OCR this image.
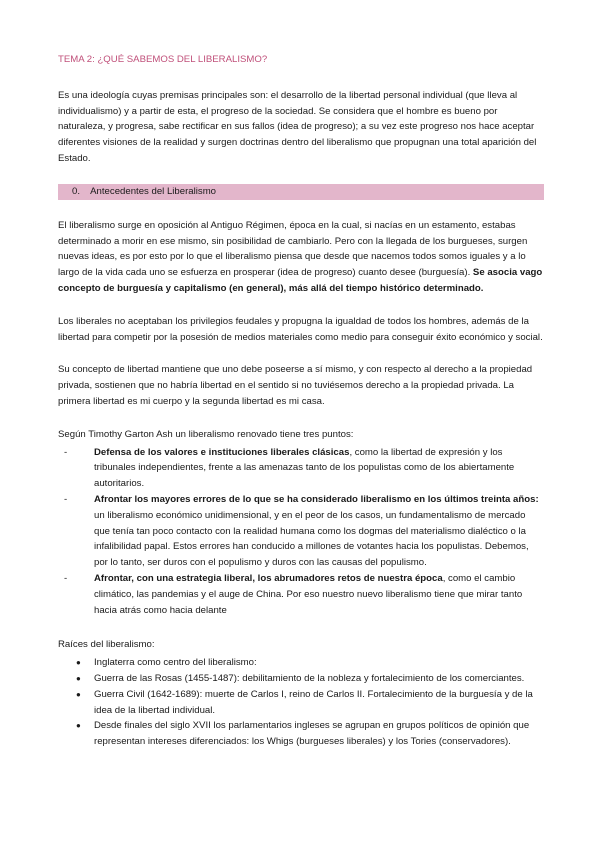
TEMA 2: ¿QUÉ SABEMOS DEL LIBERALISMO?

Es una ideología cuyas premisas principales son: el desarrollo de la libertad personal individual (que lleva al individualismo) y a partir de esta, el progreso de la sociedad. Se considera que el hombre es bueno por naturaleza, y progresa, sabe rectificar en sus fallos (idea de progreso); a su vez este progreso nos hace aceptar diferentes visiones de la realidad y surgen doctrinas dentro del liberalismo que propugnan una total aparición del Estado.

0. Antecedentes del Liberalismo

El liberalismo surge en oposición al Antiguo Régimen, época en la cual, si nacías en un estamento, estabas determinado a morir en ese mismo, sin posibilidad de cambiarlo. Pero con la llegada de los burgueses, surgen nuevas ideas, es por esto por lo que el liberalismo piensa que desde que nacemos todos somos iguales y a lo largo de la vida cada uno se esfuerza en prosperar (idea de progreso) cuanto desee (burguesía). Se asocia vago concepto de burguesía y capitalismo (en general), más allá del tiempo histórico determinado.

Los liberales no aceptaban los privilegios feudales y propugna la igualdad de todos los hombres, además de la libertad para competir por la posesión de medios materiales como medio para conseguir éxito económico y social.

Su concepto de libertad mantiene que uno debe poseerse a sí mismo, y con respecto al derecho a la propiedad privada, sostienen que no habría libertad en el sentido si no tuviésemos derecho a la propiedad privada. La primera libertad es mi cuerpo y la segunda libertad es mi casa.

Según Timothy Garton Ash un liberalismo renovado tiene tres puntos:
-	Defensa de los valores e instituciones liberales clásicas, como la libertad de expresión y los tribunales independientes, frente a las amenazas tanto de los populistas como de los abiertamente autoritarios.
-	Afrontar los mayores errores de lo que se ha considerado liberalismo en los últimos treinta años: un liberalismo económico unidimensional, y en el peor de los casos, un fundamentalismo de mercado que tenía tan poco contacto con la realidad humana como los dogmas del materialismo dialéctico o la infalibilidad papal. Estos errores han conducido a millones de votantes hacia los populistas. Debemos, por lo tanto, ser duros con el populismo y duros con las causas del populismo.
-	Afrontar, con una estrategia liberal, los abrumadores retos de nuestra época, como el cambio climático, las pandemias y el auge de China. Por eso nuestro nuevo liberalismo tiene que mirar tanto hacia atrás como hacia delante
Raíces del liberalismo:
● Inglaterra como centro del liberalismo:
● Guerra de las Rosas (1455-1487): debilitamiento de la nobleza y fortalecimiento de los comerciantes.
● Guerra Civil (1642-1689): muerte de Carlos I, reino de Carlos II. Fortalecimiento de la burguesía y de la idea de la libertad individual.
● Desde finales del siglo XVII los parlamentarios ingleses se agrupan en grupos políticos de opinión que representan intereses diferenciados: los Whigs (burgueses liberales) y los Tories (conservadores).
